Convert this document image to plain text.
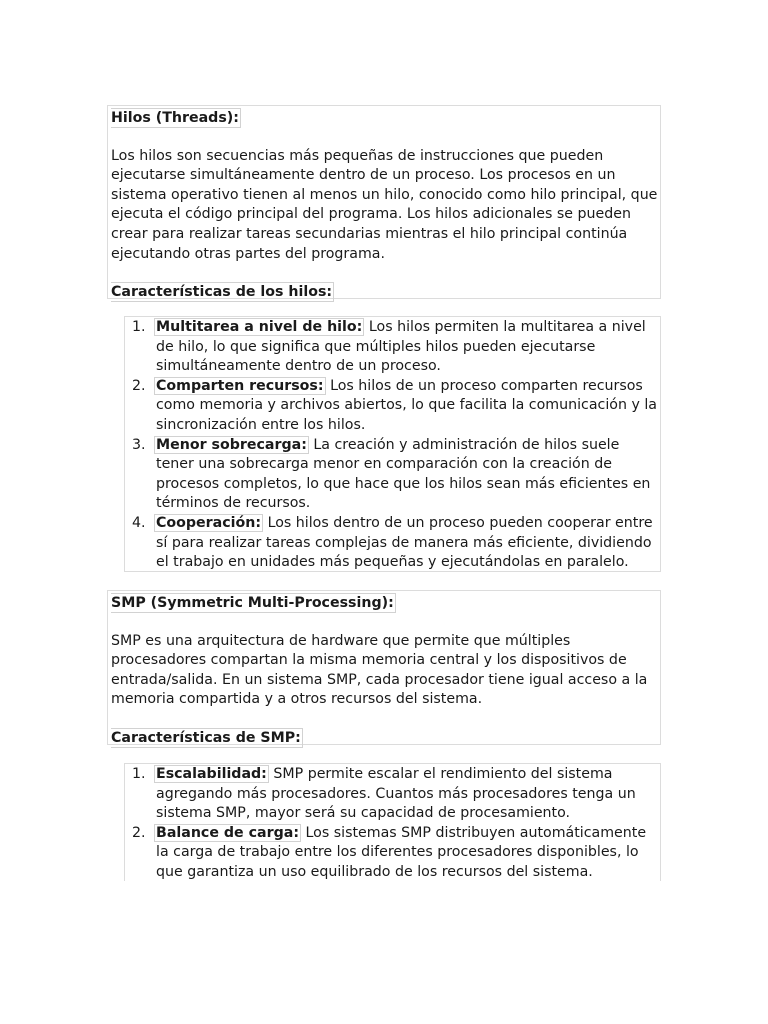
Hilos (Threads):

Los hilos son secuencias más pequeñas de instrucciones que pueden ejecutarse simultáneamente dentro de un proceso. Los procesos en un sistema operativo tienen al menos un hilo, conocido como hilo principal, que ejecuta el código principal del programa. Los hilos adicionales se pueden crear para realizar tareas secundarias mientras el hilo principal continúa ejecutando otras partes del programa.

Características de los hilos:

1. Multitarea a nivel de hilo: Los hilos permiten la multitarea a nivel de hilo, lo que significa que múltiples hilos pueden ejecutarse simultáneamente dentro de un proceso.
2. Comparten recursos: Los hilos de un proceso comparten recursos como memoria y archivos abiertos, lo que facilita la comunicación y la sincronización entre los hilos.
3. Menor sobrecarga: La creación y administración de hilos suele tener una sobrecarga menor en comparación con la creación de procesos completos, lo que hace que los hilos sean más eficientes en términos de recursos.
4. Cooperación: Los hilos dentro de un proceso pueden cooperar entre sí para realizar tareas complejas de manera más eficiente, dividiendo el trabajo en unidades más pequeñas y ejecutándolas en paralelo.

SMP (Symmetric Multi-Processing):

SMP es una arquitectura de hardware que permite que múltiples procesadores compartan la misma memoria central y los dispositivos de entrada/salida. En un sistema SMP, cada procesador tiene igual acceso a la memoria compartida y a otros recursos del sistema.

Características de SMP:

1. Escalabilidad: SMP permite escalar el rendimiento del sistema agregando más procesadores. Cuantos más procesadores tenga un sistema SMP, mayor será su capacidad de procesamiento.
2. Balance de carga: Los sistemas SMP distribuyen automáticamente la carga de trabajo entre los diferentes procesadores disponibles, lo que garantiza un uso equilibrado de los recursos del sistema.
